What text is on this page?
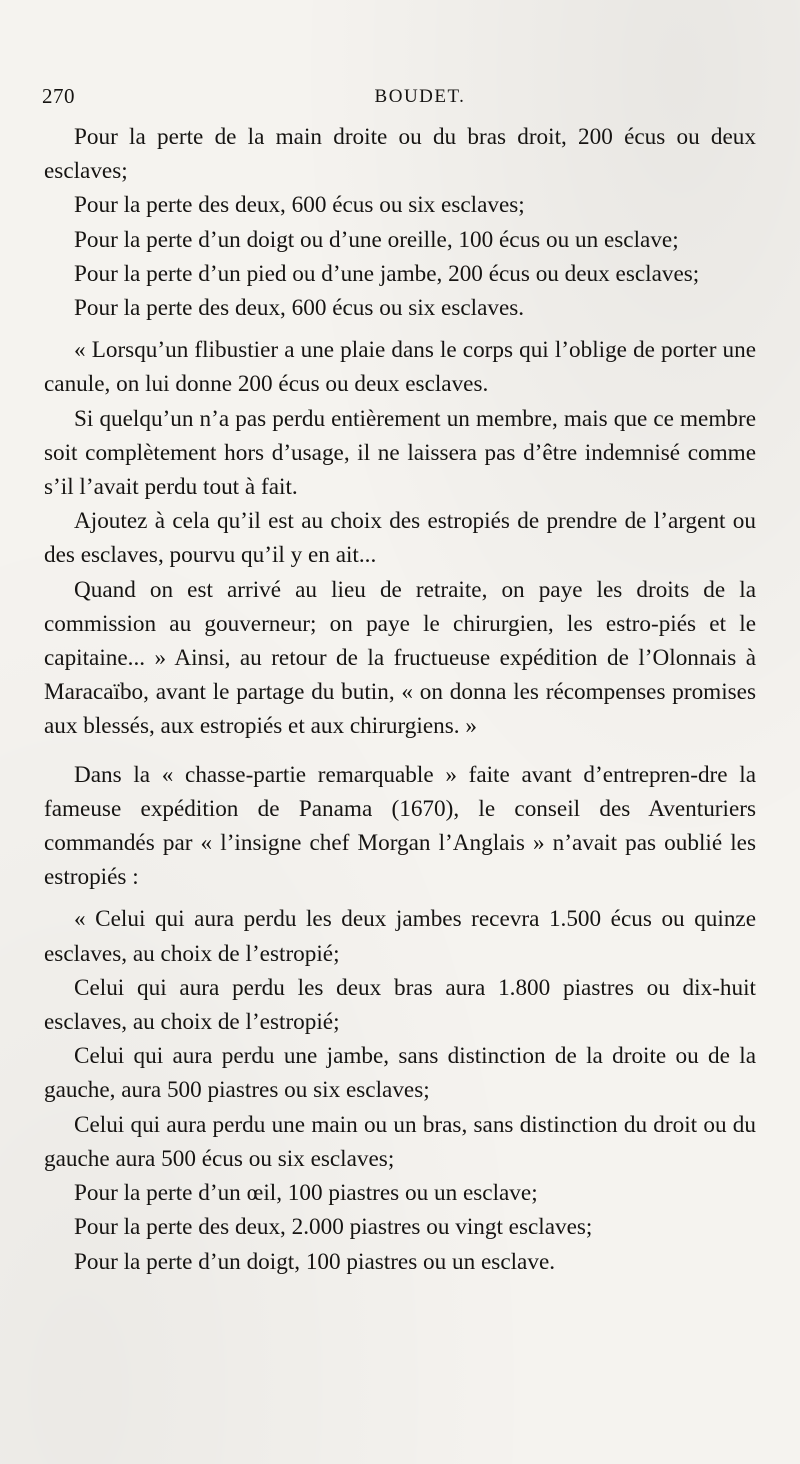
270	BOUDET.

Pour la perte de la main droite ou du bras droit, 200 écus ou deux esclaves;

Pour la perte des deux, 600 écus ou six esclaves;

Pour la perte d’un doigt ou d’une oreille, 100 écus ou un esclave;

Pour la perte d’un pied ou d’une jambe, 200 écus ou deux esclaves;

Pour la perte des deux, 600 écus ou six esclaves.

« Lorsqu’un flibustier a une plaie dans le corps qui l’oblige de porter une canule, on lui donne 200 écus ou deux esclaves.

Si quelqu’un n’a pas perdu entièrement un membre, mais que ce membre soit complètement hors d’usage, il ne laissera pas d’être indemnisé comme s’il l’avait perdu tout à fait.

Ajoutez à cela qu’il est au choix des estropiés de prendre de l’argent ou des esclaves, pourvu qu’il y en ait...

Quand on est arrivé au lieu de retraite, on paye les droits de la commission au gouverneur; on paye le chirurgien, les estro-piés et le capitaine... » Ainsi, au retour de la fructueuse expédition de l’Olonnais à Maracaïbo, avant le partage du butin, « on donna les récompenses promises aux blessés, aux estropiés et aux chirurgiens. »

Dans la « chasse-partie remarquable » faite avant d’entrepren-dre la fameuse expédition de Panama (1670), le conseil des Aventuriers commandés par « l’insigne chef Morgan l’Anglais » n’avait pas oublié les estropiés :

« Celui qui aura perdu les deux jambes recevra 1.500 écus ou quinze esclaves, au choix de l’estropié;

Celui qui aura perdu les deux bras aura 1.800 piastres ou dix-huit esclaves, au choix de l’estropié;

Celui qui aura perdu une jambe, sans distinction de la droite ou de la gauche, aura 500 piastres ou six esclaves;

Celui qui aura perdu une main ou un bras, sans distinction du droit ou du gauche aura 500 écus ou six esclaves;

Pour la perte d’un œil, 100 piastres ou un esclave;

Pour la perte des deux, 2.000 piastres ou vingt esclaves;

Pour la perte d’un doigt, 100 piastres ou un esclave.
